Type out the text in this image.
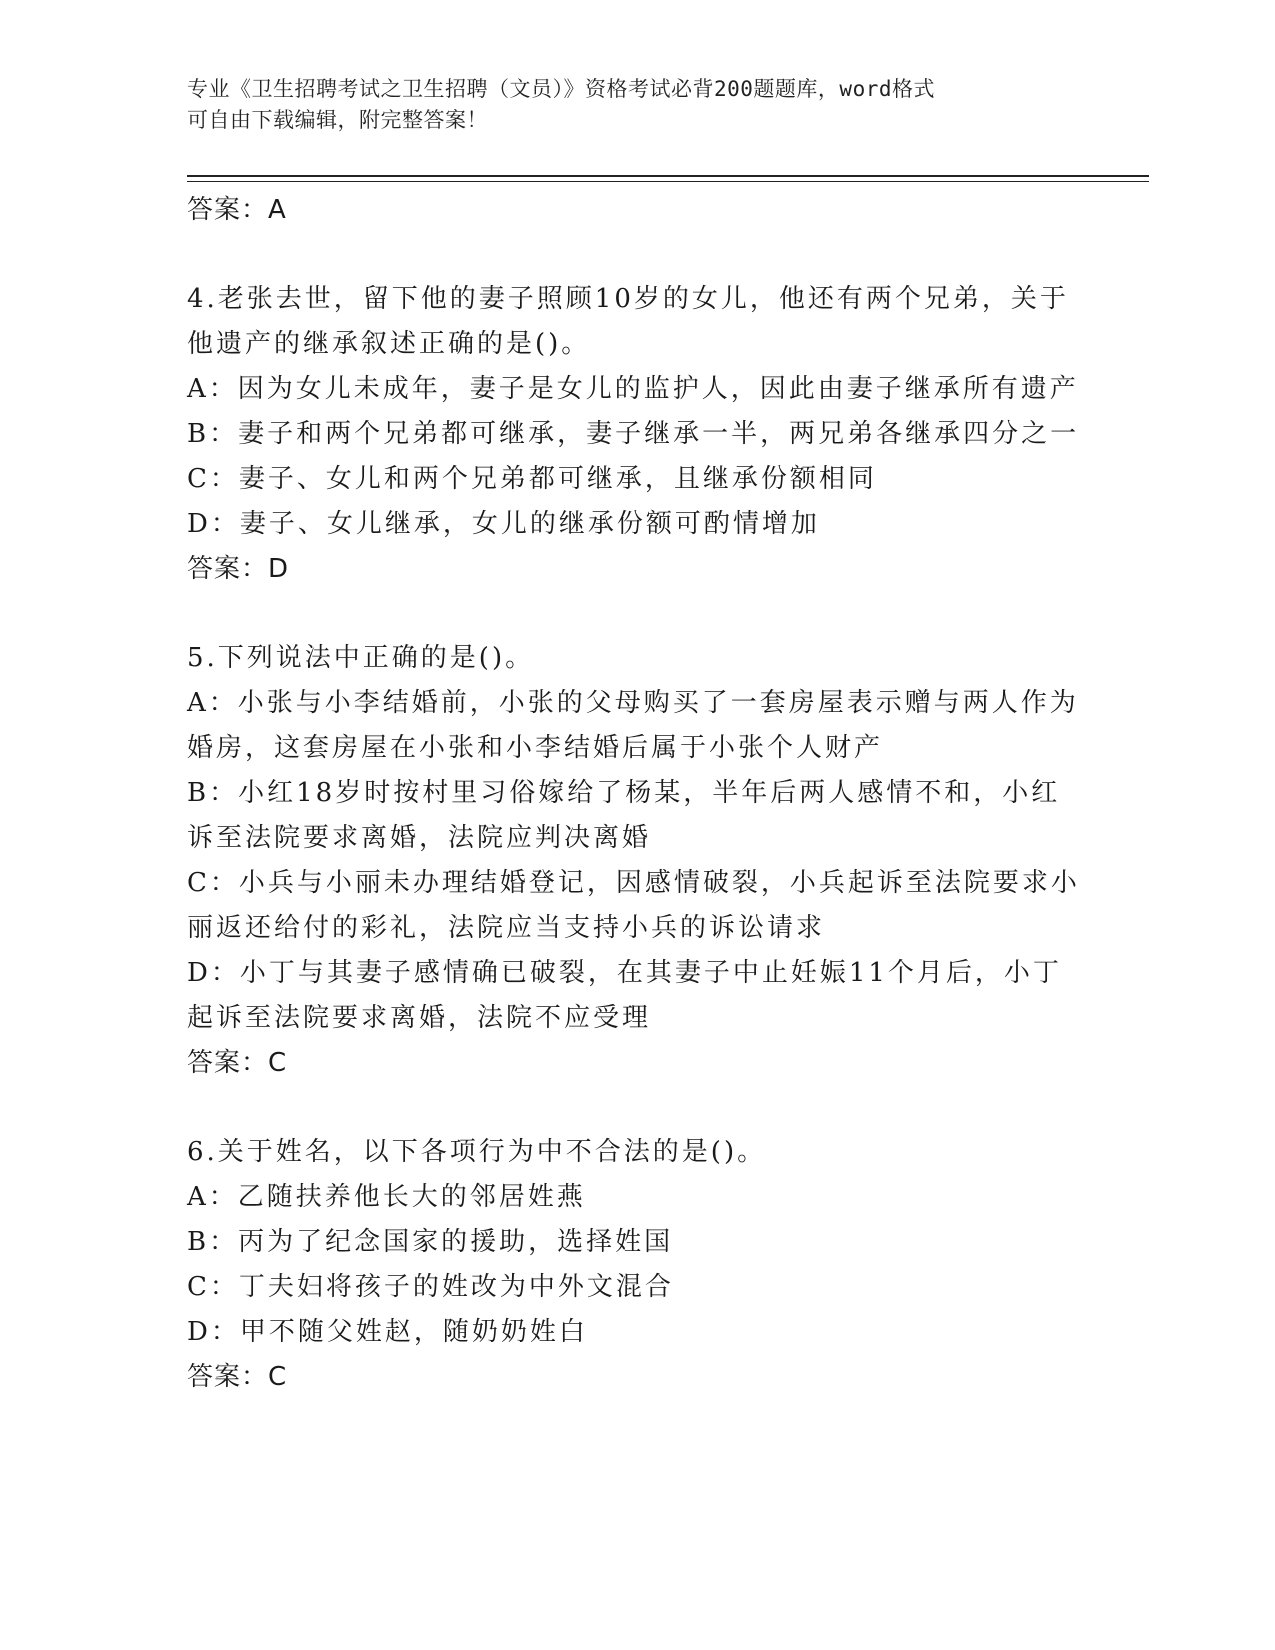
专业《卫生招聘考试之卫生招聘（文员）》资格考试必背200题题库，word格式
可自由下载编辑，附完整答案！
答案：A
4.老张去世，留下他的妻子照顾10岁的女儿，他还有两个兄弟，关于
他遗产的继承叙述正确的是()。
A：因为女儿未成年，妻子是女儿的监护人，因此由妻子继承所有遗产
B：妻子和两个兄弟都可继承，妻子继承一半，两兄弟各继承四分之一
C：妻子、女儿和两个兄弟都可继承，且继承份额相同
D：妻子、女儿继承，女儿的继承份额可酌情增加
答案：D
5.下列说法中正确的是()。
A：小张与小李结婚前，小张的父母购买了一套房屋表示赠与两人作为
婚房，这套房屋在小张和小李结婚后属于小张个人财产
B：小红18岁时按村里习俗嫁给了杨某，半年后两人感情不和，小红
诉至法院要求离婚，法院应判决离婚
C：小兵与小丽未办理结婚登记，因感情破裂，小兵起诉至法院要求小
丽返还给付的彩礼，法院应当支持小兵的诉讼请求
D：小丁与其妻子感情确已破裂，在其妻子中止妊娠11个月后，小丁
起诉至法院要求离婚，法院不应受理
答案：C
6.关于姓名，以下各项行为中不合法的是()。
A：乙随扶养他长大的邻居姓燕
B：丙为了纪念国家的援助，选择姓国
C：丁夫妇将孩子的姓改为中外文混合
D：甲不随父姓赵，随奶奶姓白
答案：C
